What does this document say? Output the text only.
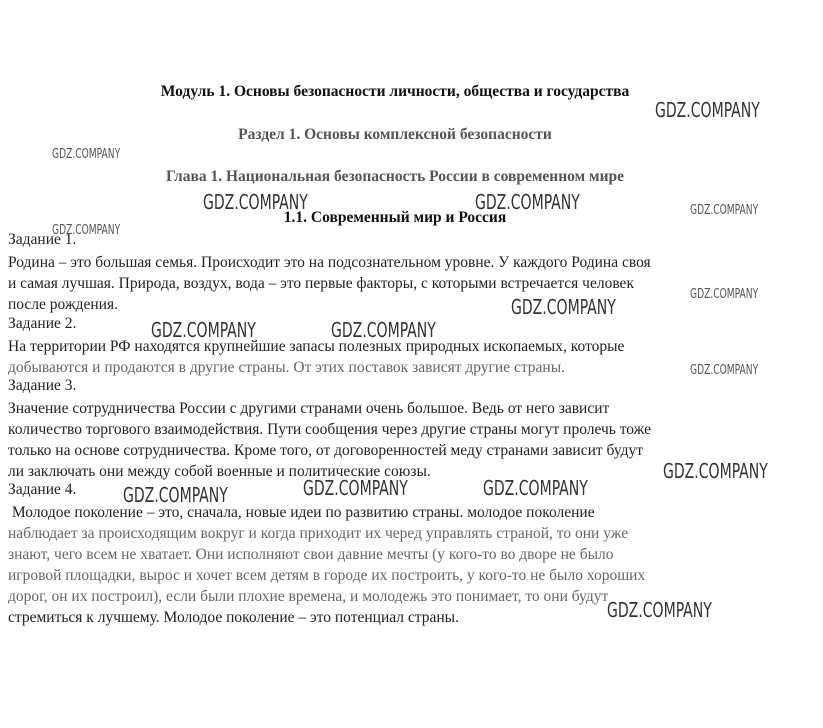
Модуль 1. Основы безопасности личности, общества и государства
Раздел 1. Основы комплексной безопасности
Глава 1. Национальная безопасность России в современном мире
1.1. Современный мир и Россия
Задание 1.
Родина – это большая семья. Происходит это на подсознательном уровне. У каждого Родина своя
и самая лучшая. Природа, воздух, вода – это первые факторы, с которыми встречается человек
после рождения.
Задание 2.
На территории РФ находятся крупнейшие запасы полезных природных ископаемых, которые
добываются и продаются в другие страны. От этих поставок зависят другие страны.
Задание 3.
Значение сотрудничества России с другими странами очень большое. Ведь от него зависит
количество торгового взаимодействия. Пути сообщения через другие страны могут пролечь тоже
только на основе сотрудничества. Кроме того, от договоренностей меду странами зависит будут
ли заключать они между собой военные и политические союзы.
Задание 4.
Молодое поколение – это, сначала, новые идеи по развитию страны. молодое поколение
наблюдает за происходящим вокруг и когда приходит их черед управлять страной, то они уже
знают, чего всем не хватает. Они исполняют свои давние мечты (у кого-то во дворе не было
игровой площадки, вырос и хочет всем детям в городе их построить, у кого-то не было хороших
дорог, он их построил), если были плохие времена, и молодежь это понимает, то они будут
стремиться к лучшему. Молодое поколение – это потенциал страны.
GDZ.COMPANY
GDZ.COMPANY
GDZ.COMPANY	GDZ.COMPANY	GDZ.COMPANY
GDZ.COMPANY
GDZ.COMPANY
GDZ.COMPANY
GDZ.COMPANY	GDZ.COMPANY
GDZ.COMPANY
GDZ.COMPANY
GDZ.COMPANY	GDZ.COMPANY
GDZ.COMPANY
GDZ.COMPANY
